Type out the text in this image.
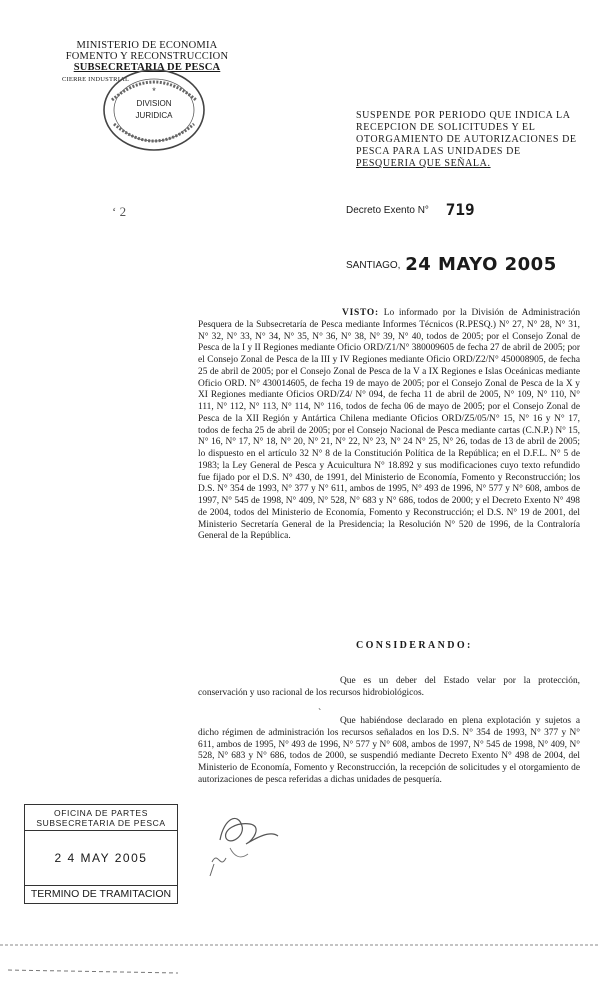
MINISTERIO DE ECONOMIA
FOMENTO Y RECONSTRUCCION
SUBSECRETARIA DE PESCA
CIERRE INDUSTRIAL
DIVISION
JURIDICA
*
SUSPENDE POR PERIODO QUE INDICA LA
RECEPCION DE SOLICITUDES Y EL
OTORGAMIENTO DE AUTORIZACIONES DE
PESCA PARA LAS UNIDADES DE
PESQUERIA QUE SEÑALA.
‘ 2	Decreto Exento N° 719
SANTIAGO, 24 MAYO 2005
VISTO: Lo informado por la División de Administración Pesquera de la Subsecretaría de Pesca mediante Informes Técnicos (R.PESQ.) N° 27, N° 28, N° 31, N° 32, N° 33, N° 34, N° 35, N° 36, N° 38, N° 39, N° 40, todos de 2005; por el Consejo Zonal de Pesca de la I y II Regiones mediante Oficio ORD/Z1/N° 380009605 de fecha 27 de abril de 2005; por el Consejo Zonal de Pesca de la III y IV Regiones mediante Oficio ORD/Z2/N° 450008905, de fecha 25 de abril de 2005; por el Consejo Zonal de Pesca de la V a IX Regiones e Islas Oceánicas mediante Oficio ORD. N° 430014605, de fecha 19 de mayo de 2005; por el Consejo Zonal de Pesca de la X y XI Regiones mediante Oficios ORD/Z4/ N° 094, de fecha 11 de abril de 2005, N° 109, N° 110, N° 111, N° 112, N° 113, N° 114, N° 116, todos de fecha 06 de mayo de 2005; por el Consejo Zonal de Pesca de la XII Región y Antártica Chilena mediante Oficios ORD/Z5/05/N° 15, N° 16 y N° 17, todos de fecha 25 de abril de 2005; por el Consejo Nacional de Pesca mediante cartas (C.N.P.) N° 15, N° 16, N° 17, N° 18, N° 20, N° 21, N° 22, N° 23, N° 24 N° 25, N° 26, todas de 13 de abril de 2005; lo dispuesto en el artículo 32 N° 8 de la Constitución Política de la República; en el D.F.L. N° 5 de 1983; la Ley General de Pesca y Acuicultura N° 18.892 y sus modificaciones cuyo texto refundido fue fijado por el D.S. N° 430, de 1991, del Ministerio de Economía, Fomento y Reconstrucción; los D.S. N° 354 de 1993, N° 377 y N° 611, ambos de 1995, N° 493 de 1996, N° 577 y N° 608, ambos de 1997, N° 545 de 1998, N° 409, N° 528, N° 683 y N° 686, todos de 2000; y el Decreto Exento N° 498 de 2004, todos del Ministerio de Economía, Fomento y Reconstrucción; el D.S. N° 19 de 2001, del Ministerio Secretaría General de la Presidencia; la Resolución N° 520 de 1996, de la Contraloría General de la República.
CONSIDERANDO:
Que es un deber del Estado velar por la protección, conservación y uso racional de los recursos hidrobiológicos.
`
Que habiéndose declarado en plena explotación y sujetos a dicho régimen de administración los recursos señalados en los D.S. N° 354 de 1993, N° 377 y N° 611, ambos de 1995, N° 493 de 1996, N° 577 y N° 608, ambos de 1997, N° 545 de 1998, N° 409, N° 528, N° 683 y N° 686, todos de 2000, se suspendió mediante Decreto Exento N° 498 de 2004, del Ministerio de Economía, Fomento y Reconstrucción, la recepción de solicitudes y el otorgamiento de autorizaciones de pesca referidas a dichas unidades de pesquería.
OFICINA DE PARTES
SUBSECRETARIA DE PESCA
2 4 MAY 2005
TERMINO DE TRAMITACION
